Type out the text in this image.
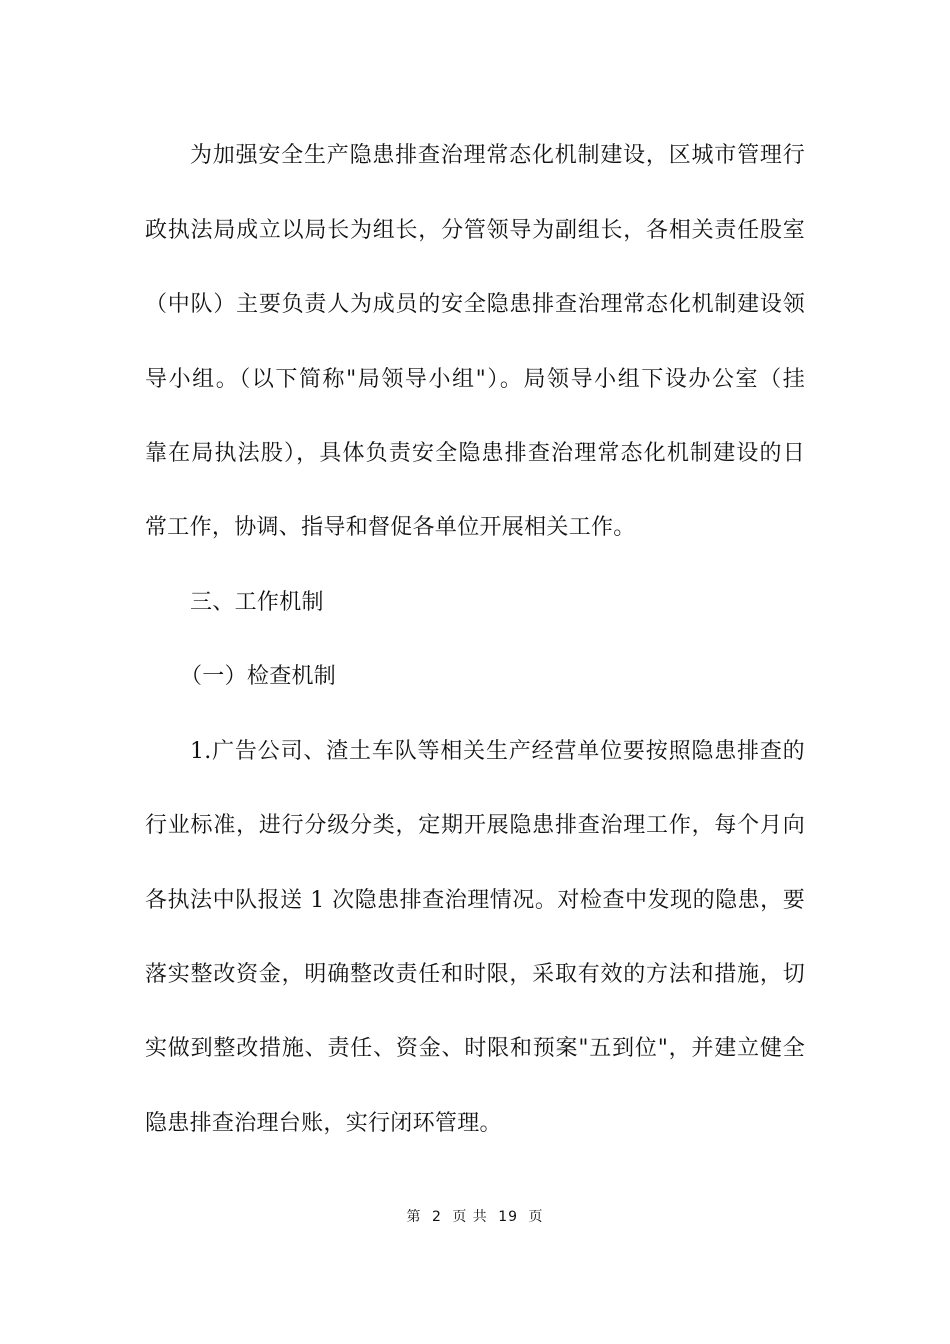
为加强安全生产隐患排查治理常态化机制建设，区城市管理行
政执法局成立以局长为组长，分管领导为副组长，各相关责任股室
（中队）主要负责人为成员的安全隐患排查治理常态化机制建设领
导小组。（以下简称"局领导小组"）。局领导小组下设办公室（挂
靠在局执法股），具体负责安全隐患排查治理常态化机制建设的日
常工作，协调、指导和督促各单位开展相关工作。
三、工作机制
（一）检查机制
1.广告公司、渣土车队等相关生产经营单位要按照隐患排查的
行业标准，进行分级分类，定期开展隐患排查治理工作，每个月向
各执法中队报送 1 次隐患排查治理情况。对检查中发现的隐患，要
落实整改资金，明确整改责任和时限，采取有效的方法和措施，切
实做到整改措施、责任、资金、时限和预案"五到位"，并建立健全
隐患排查治理台账，实行闭环管理。
第 2 页 共 19 页
